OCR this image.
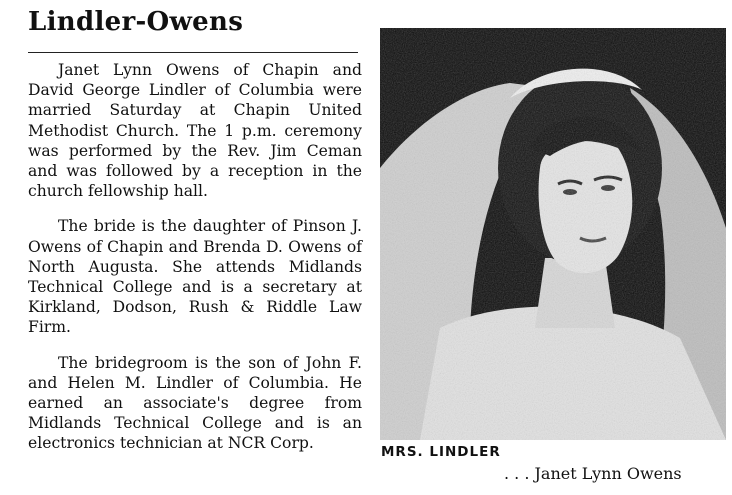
Lindler-Owens

Janet Lynn Owens of Chapin and David George Lindler of Columbia were married Saturday at Chapin United Methodist Church. The 1 p.m. ceremony was performed by the Rev. Jim Ceman and was followed by a reception in the church fellowship hall.

The bride is the daughter of Pinson J. Owens of Chapin and Brenda D. Owens of North Augusta. She attends Midlands Technical College and is a secretary at Kirkland, Dodson, Rush & Riddle Law Firm.

The bridegroom is the son of John F. and Helen M. Lindler of Columbia. He earned an associate's degree from Midlands Technical College and is an electronics technician at NCR Corp.	MRS. LINDLER
. . . Janet Lynn Owens
